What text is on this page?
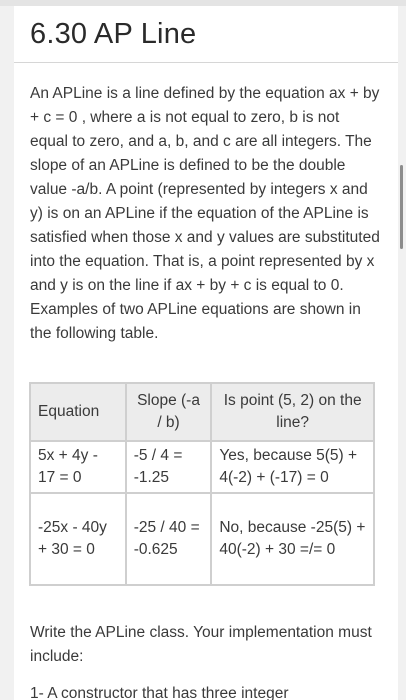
6.30 AP Line

An APLine is a line defined by the equation ax + by + c = 0 , where a is not equal to zero, b is not equal to zero, and a, b, and c are all integers. The slope of an APLine is defined to be the double value -a/b. A point (represented by integers x and y) is on an APLine if the equation of the APLine is satisfied when those x and y values are substituted into the equation. That is, a point represented by x and y is on the line if ax + by + c is equal to 0. Examples of two APLine equations are shown in the following table.

Equation	Slope (-a / b)	Is point (5, 2) on the line?
5x + 4y - 17 = 0	-5 / 4 = -1.25	Yes, because 5(5) + 4(-2) + (-17) = 0
-25x - 40y + 30 = 0	-25 / 40 = -0.625	No, because -25(5) + 40(-2) + 30 =/= 0

Write the APLine class. Your implementation must include:

1- A constructor that has three integer
